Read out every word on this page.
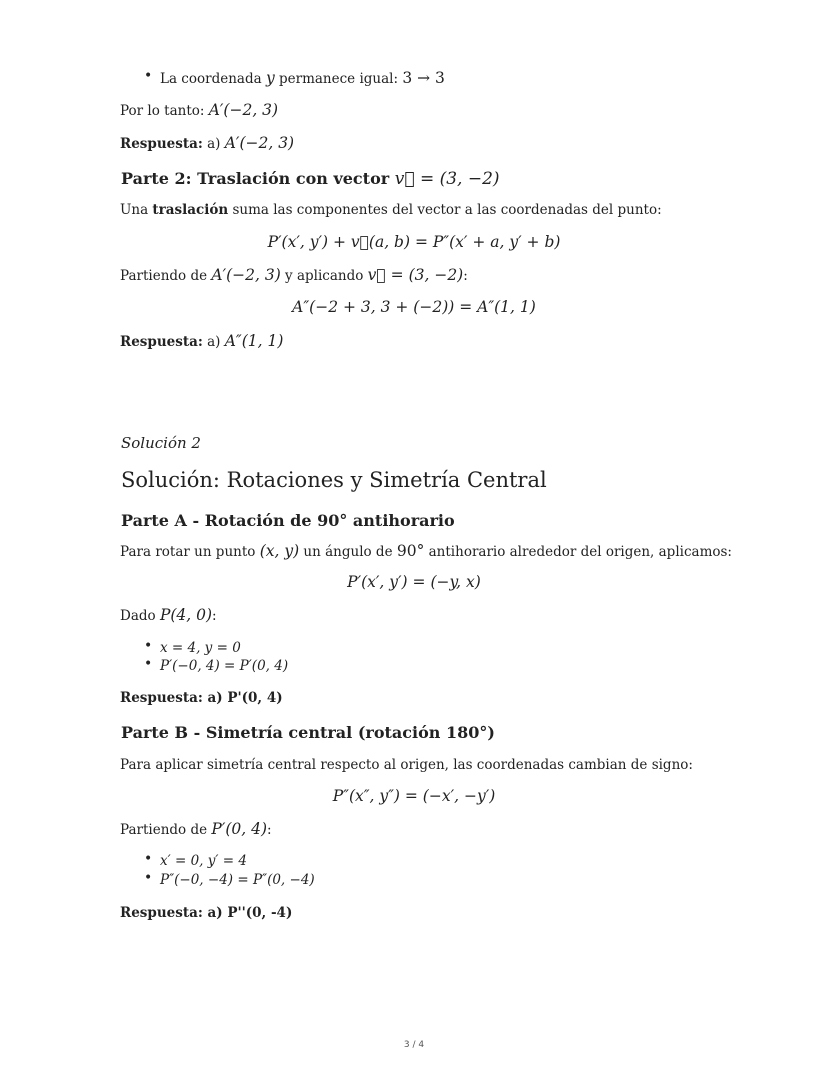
• La coordenada y permanece igual: 3 → 3
Por lo tanto: A′(−2, 3)
Respuesta: a) A′(−2, 3)
Parte 2: Traslación con vector v⃗ = (3, −2)
Una traslación suma las componentes del vector a las coordenadas del punto:
P′(x′, y′) + v⃗(a, b) = P″(x′ + a, y′ + b)
Partiendo de A′(−2, 3) y aplicando v⃗ = (3, −2):
A″(−2 + 3, 3 + (−2)) = A″(1, 1)
Respuesta: a) A″(1, 1)
Solución 2
Solución: Rotaciones y Simetría Central
Parte A - Rotación de 90° antihorario
Para rotar un punto (x, y) un ángulo de 90° antihorario alrededor del origen, aplicamos:
P′(x′, y′) = (−y, x)
Dado P(4, 0):
• x = 4, y = 0
• P′(−0, 4) = P′(0, 4)
Respuesta: a) P'(0, 4)
Parte B - Simetría central (rotación 180°)
Para aplicar simetría central respecto al origen, las coordenadas cambian de signo:
P″(x″, y″) = (−x′, −y′)
Partiendo de P′(0, 4):
• x′ = 0, y′ = 4
• P″(−0, −4) = P″(0, −4)
Respuesta: a) P''(0, -4)
3 / 4
